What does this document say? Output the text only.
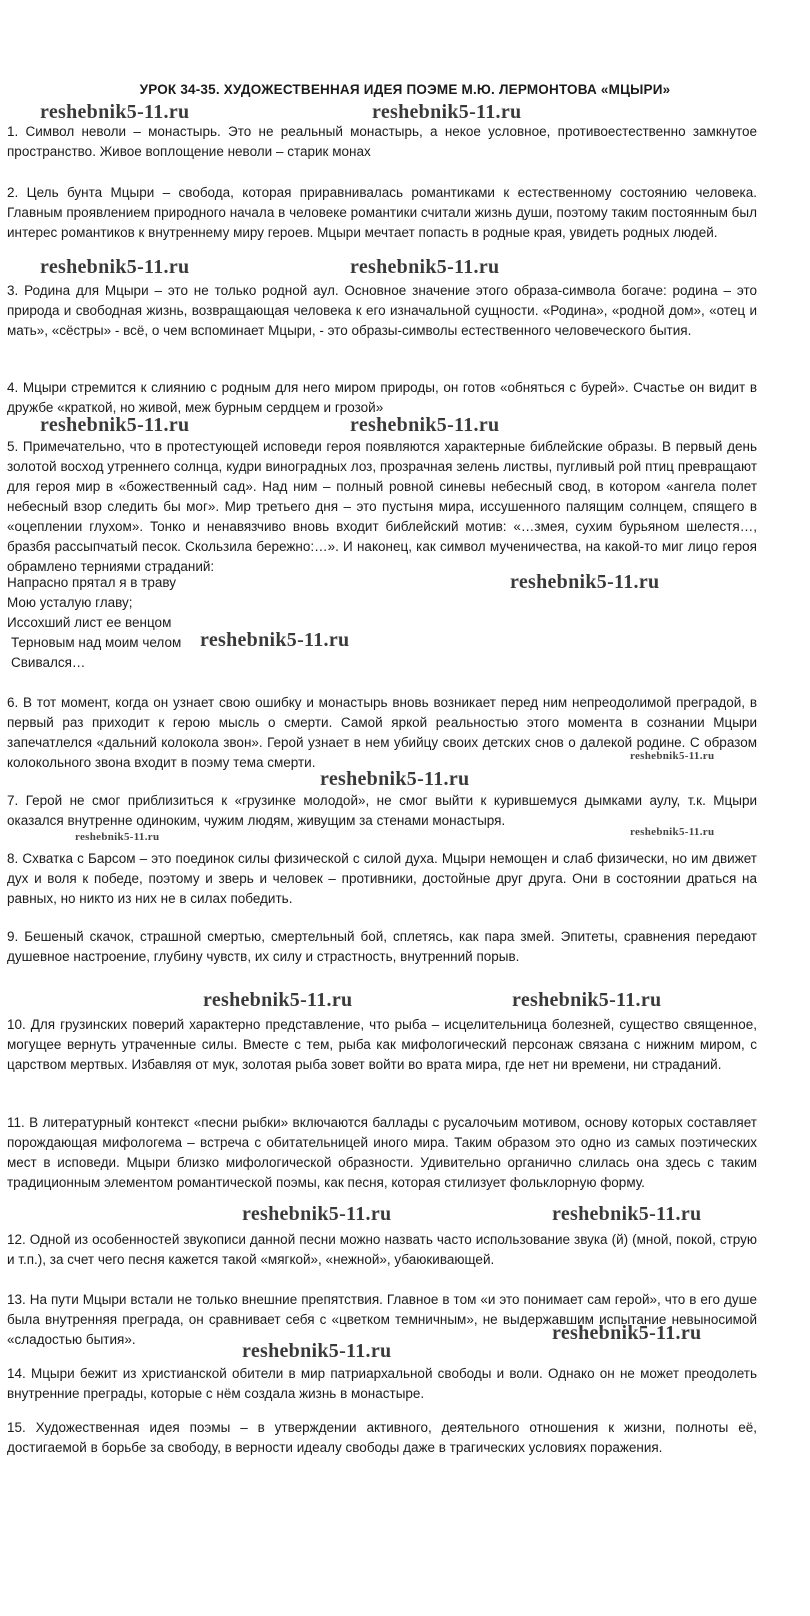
УРОК 34-35. ХУДОЖЕСТВЕННАЯ ИДЕЯ ПОЭМЕ М.Ю. ЛЕРМОНТОВА «МЦЫРИ»

1. Символ неволи – монастырь. Это не реальный монастырь, а некое условное, противоестественно замкнутое пространство. Живое воплощение неволи – старик монах

2. Цель бунта Мцыри – свобода, которая приравнивалась романтиками к естественному состоянию человека. Главным проявлением природного начала в человеке романтики считали жизнь души, поэтому таким постоянным был интерес романтиков к внутреннему миру героев. Мцыри мечтает попасть в родные края, увидеть родных людей.

3. Родина для Мцыри – это не только родной аул. Основное значение этого образа-символа богаче: родина – это природа и свободная жизнь, возвращающая человека к его изначальной сущности. «Родина», «родной дом», «отец и мать», «сёстры» - всё, о чем вспоминает Мцыри, - это образы-символы естественного человеческого бытия.

4. Мцыри стремится к слиянию с родным для него миром природы, он готов «обняться с бурей». Счастье он видит в дружбе «краткой, но живой, меж бурным сердцем и грозой»

5. Примечательно, что в протестующей исповеди героя появляются характерные библейские образы. В первый день золотой восход утреннего солнца, кудри виноградных лоз, прозрачная зелень листвы, пугливый рой птиц превращают для героя мир в «божественный сад». Над ним – полный ровной синевы небесный свод, в котором «ангела полет небесный взор следить бы мог». Мир третьего дня – это пустыня мира, иссушенного палящим солнцем, спящего в «оцеплении глухом». Тонко и ненавязчиво вновь входит библейский мотив: «…змея, сухим бурьяном шелестя…, бразбя рассыпчатый песок. Скользила бережно:…». И наконец, как символ мученичества, на какой-то миг лицо героя обрамлено терниями страданий:

Напрасно прятал я в траву
Мою усталую главу;
Иссохший лист ее венцом
Терновым над моим челом
Свивался…

6. В тот момент, когда он узнает свою ошибку и монастырь вновь возникает перед ним непреодолимой преградой, в первый раз приходит к герою мысль о смерти. Самой яркой реальностью этого момента в сознании Мцыри запечатлелся «дальний колокола звон». Герой узнает в нем убийцу своих детских снов о далекой родине. С образом колокольного звона входит в поэму тема смерти.

7. Герой не смог приблизиться к «грузинке молодой», не смог выйти к курившемуся дымками аулу, т.к. Мцыри оказался внутренне одиноким, чужим людям, живущим за стенами монастыря.

8. Схватка с Барсом – это поединок силы физической с силой духа. Мцыри немощен и слаб физически, но им движет дух и воля к победе, поэтому и зверь и человек – противники, достойные друг друга. Они в состоянии драться на равных, но никто из них не в силах победить.

9. Бешеный скачок, страшной смертью, смертельный бой, сплетясь, как пара змей. Эпитеты, сравнения передают душевное настроение, глубину чувств, их силу и страстность, внутренний порыв.

10. Для грузинских поверий характерно представление, что рыба – исцелительница болезней, существо священное, могущее вернуть утраченные силы. Вместе с тем, рыба как мифологический персонаж связана с нижним миром, с царством мертвых. Избавляя от мук, золотая рыба зовет войти во врата мира, где нет ни времени, ни страданий.

11. В литературный контекст «песни рыбки» включаются баллады с русалочьим мотивом, основу которых составляет порождающая мифологема – встреча с обитательницей иного мира. Таким образом это одно из самых поэтических мест в исповеди. Мцыри близко мифологической образности. Удивительно органично слилась она здесь с таким традиционным элементом романтической поэмы, как песня, которая стилизует фольклорную форму.

12. Одной из особенностей звукописи данной песни можно назвать часто использование звука (й) (мной, покой, струю и т.п.), за счет чего песня кажется такой «мягкой», «нежной», убаюкивающей.

13. На пути Мцыри встали не только внешние препятствия. Главное в том «и это понимает сам герой», что в его душе была внутренняя преграда, он сравнивает себя с «цветком темничным», не выдержавшим испытание невыносимой «сладостью бытия».

14. Мцыри бежит из христианской обители в мир патриархальной свободы и воли. Однако он не может преодолеть внутренние преграды, которые с нём создала жизнь в монастыре.

15. Художественная идея поэмы – в утверждении активного, деятельного отношения к жизни, полноты её, достигаемой в борьбе за свободу, в верности идеалу свободы даже в трагических условиях поражения.

reshebnik5-11.ru	reshebnik5-11.ru
reshebnik5-11.ru	reshebnik5-11.ru
reshebnik5-11.ru	reshebnik5-11.ru
reshebnik5-11.ru
reshebnik5-11.ru
reshebnik5-11.ru
reshebnik5-11.ru
reshebnik5-11.ru
reshebnik5-11.ru
reshebnik5-11.ru	reshebnik5-11.ru
reshebnik5-11.ru	reshebnik5-11.ru
reshebnik5-11.ru
reshebnik5-11.ru
